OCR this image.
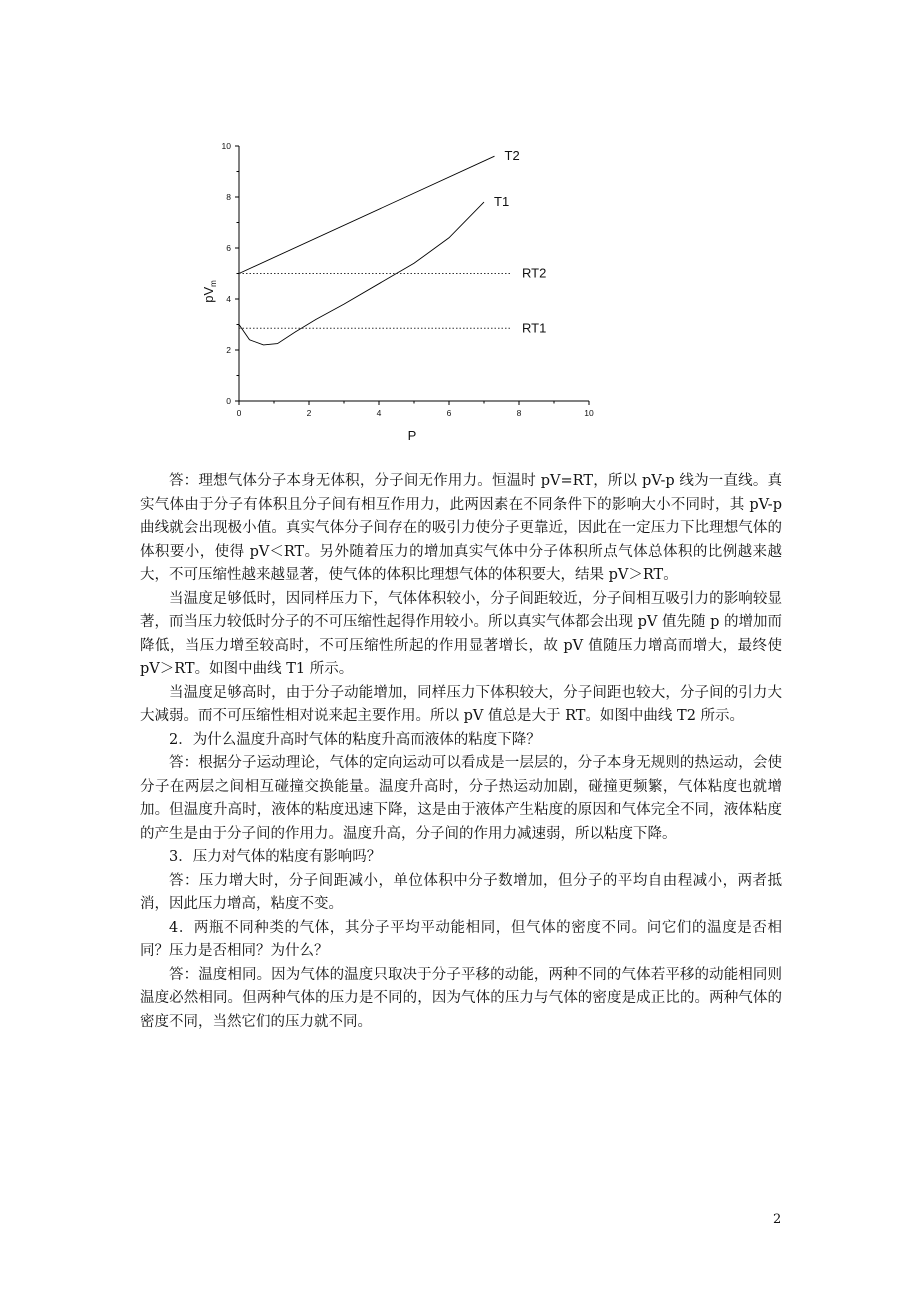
0	2	4	6	8	10
0
2
4
6
8
10
P
$pV_m$
T2
T1
RT2
RT1

答：理想气体分子本身无体积，分子间无作用力。恒温时 pV=RT，所以 pV-p 线为一直线。真实气体由于分子有体积且分子间有相互作用力，此两因素在不同条件下的影响大小不同时，其 pV-p 曲线就会出现极小值。真实气体分子间存在的吸引力使分子更靠近，因此在一定压力下比理想气体的体积要小，使得 pV＜RT。另外随着压力的增加真实气体中分子体积所点气体总体积的比例越来越大，不可压缩性越来越显著，使气体的体积比理想气体的体积要大，结果 pV＞RT。

当温度足够低时，因同样压力下，气体体积较小，分子间距较近，分子间相互吸引力的影响较显著，而当压力较低时分子的不可压缩性起得作用较小。所以真实气体都会出现 pV 值先随 p 的增加而降低，当压力增至较高时，不可压缩性所起的作用显著增长，故 pV 值随压力增高而增大，最终使 pV＞RT。如图中曲线 T1 所示。

当温度足够高时，由于分子动能增加，同样压力下体积较大，分子间距也较大，分子间的引力大大减弱。而不可压缩性相对说来起主要作用。所以 pV 值总是大于 RT。如图中曲线 T2 所示。

2．为什么温度升高时气体的粘度升高而液体的粘度下降？

答：根据分子运动理论，气体的定向运动可以看成是一层层的，分子本身无规则的热运动，会使分子在两层之间相互碰撞交换能量。温度升高时，分子热运动加剧，碰撞更频繁，气体粘度也就增加。但温度升高时，液体的粘度迅速下降，这是由于液体产生粘度的原因和气体完全不同，液体粘度的产生是由于分子间的作用力。温度升高，分子间的作用力减速弱，所以粘度下降。

3．压力对气体的粘度有影响吗？

答：压力增大时，分子间距减小，单位体积中分子数增加，但分子的平均自由程减小，两者抵消，因此压力增高，粘度不变。

4．两瓶不同种类的气体，其分子平均平动能相同，但气体的密度不同。问它们的温度是否相同？压力是否相同？为什么？

答：温度相同。因为气体的温度只取决于分子平移的动能，两种不同的气体若平移的动能相同则温度必然相同。但两种气体的压力是不同的，因为气体的压力与气体的密度是成正比的。两种气体的密度不同，当然它们的压力就不同。

2
